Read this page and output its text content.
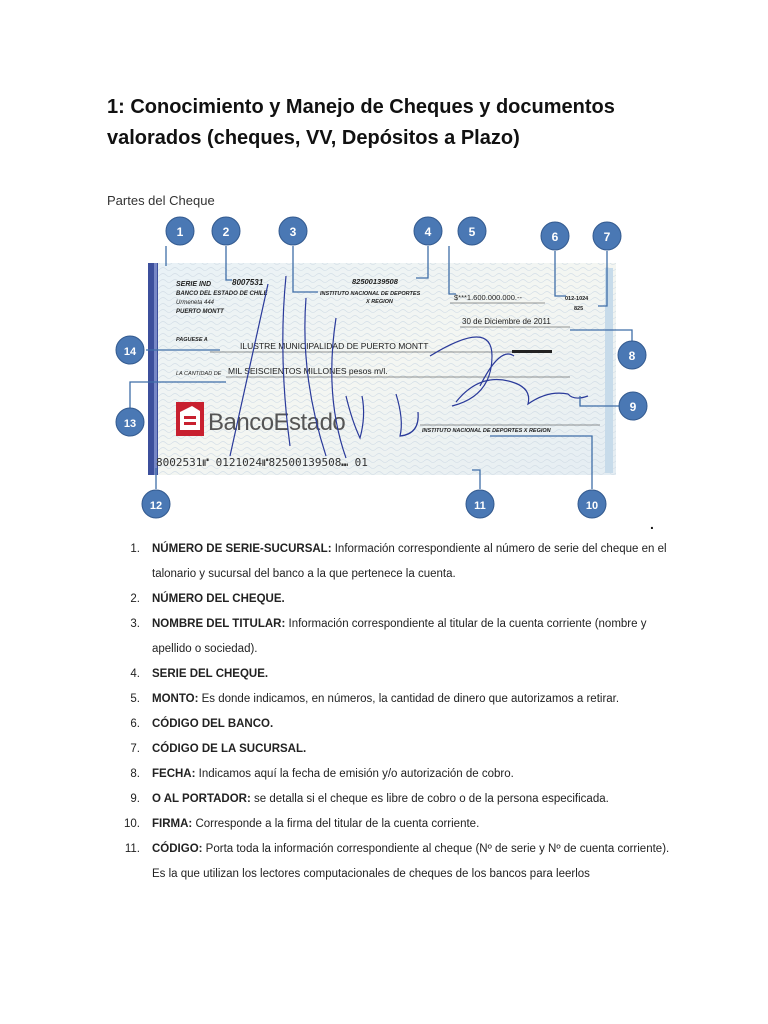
1: Conocimiento y Manejo de Cheques y documentos valorados (cheques, VV, Depósitos a Plazo)

Partes del Cheque

SERIE IND	8007531
BANCO DEL ESTADO DE CHILE
Urmeneta 444
PUERTO MONTT
82500139508
INSTITUTO NACIONAL DE DEPORTES
X REGION	$***1.600.000.000.--	012-1024
825
30 de Diciembre de 2011
PAGUESE A
ILUSTRE MUNICIPALIDAD DE PUERTO MONTT
LA CANTIDAD DE MIL SEISCIENTOS MILLONES pesos m/l.
BancoEstado	INSTITUTO NACIONAL DE DEPORTES X REGION
8002531⑈ 0121024⑈82500139508⑉ 01
1	2	3	4	5	6	7
8
9
10
11
12
13
14
.
1. NÚMERO DE SERIE-SUCURSAL: Información correspondiente al número de serie del cheque en el talonario y sucursal del banco a la que pertenece la cuenta.
2. NÚMERO DEL CHEQUE.
3. NOMBRE DEL TITULAR: Información correspondiente al titular de la cuenta corriente (nombre y apellido o sociedad).
4. SERIE DEL CHEQUE.
5. MONTO: Es donde indicamos, en números, la cantidad de dinero que autorizamos a retirar.
6. CÓDIGO DEL BANCO.
7. CÓDIGO DE LA SUCURSAL.
8. FECHA: Indicamos aquí la fecha de emisión y/o autorización de cobro.
9. O AL PORTADOR: se detalla si el cheque es libre de cobro o de la persona especificada.
10. FIRMA: Corresponde a la firma del titular de la cuenta corriente.
11. CÓDIGO: Porta toda la información correspondiente al cheque (Nº de serie y Nº de cuenta corriente). Es la que utilizan los lectores computacionales de cheques de los bancos para leerlos
